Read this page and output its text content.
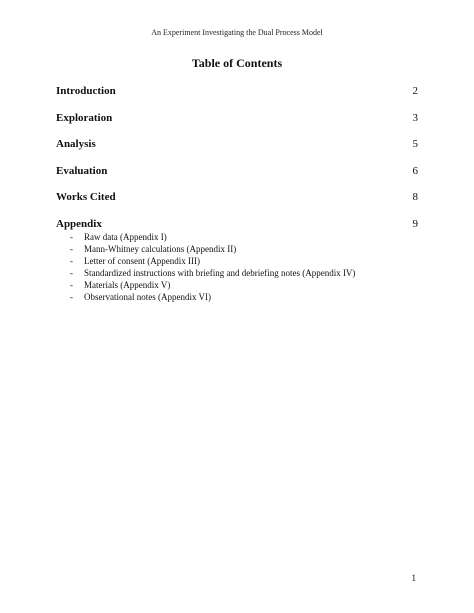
An Experiment Investigating the Dual Process Model
Table of Contents
Introduction	2
Exploration	3
Analysis	5
Evaluation	6
Works Cited	8
Appendix	9
-	Raw data (Appendix I)
-	Mann-Whitney calculations (Appendix II)
-	Letter of consent (Appendix III)
-	Standardized instructions with briefing and debriefing notes (Appendix IV)
-	Materials (Appendix V)
-	Observational notes (Appendix VI)
1
